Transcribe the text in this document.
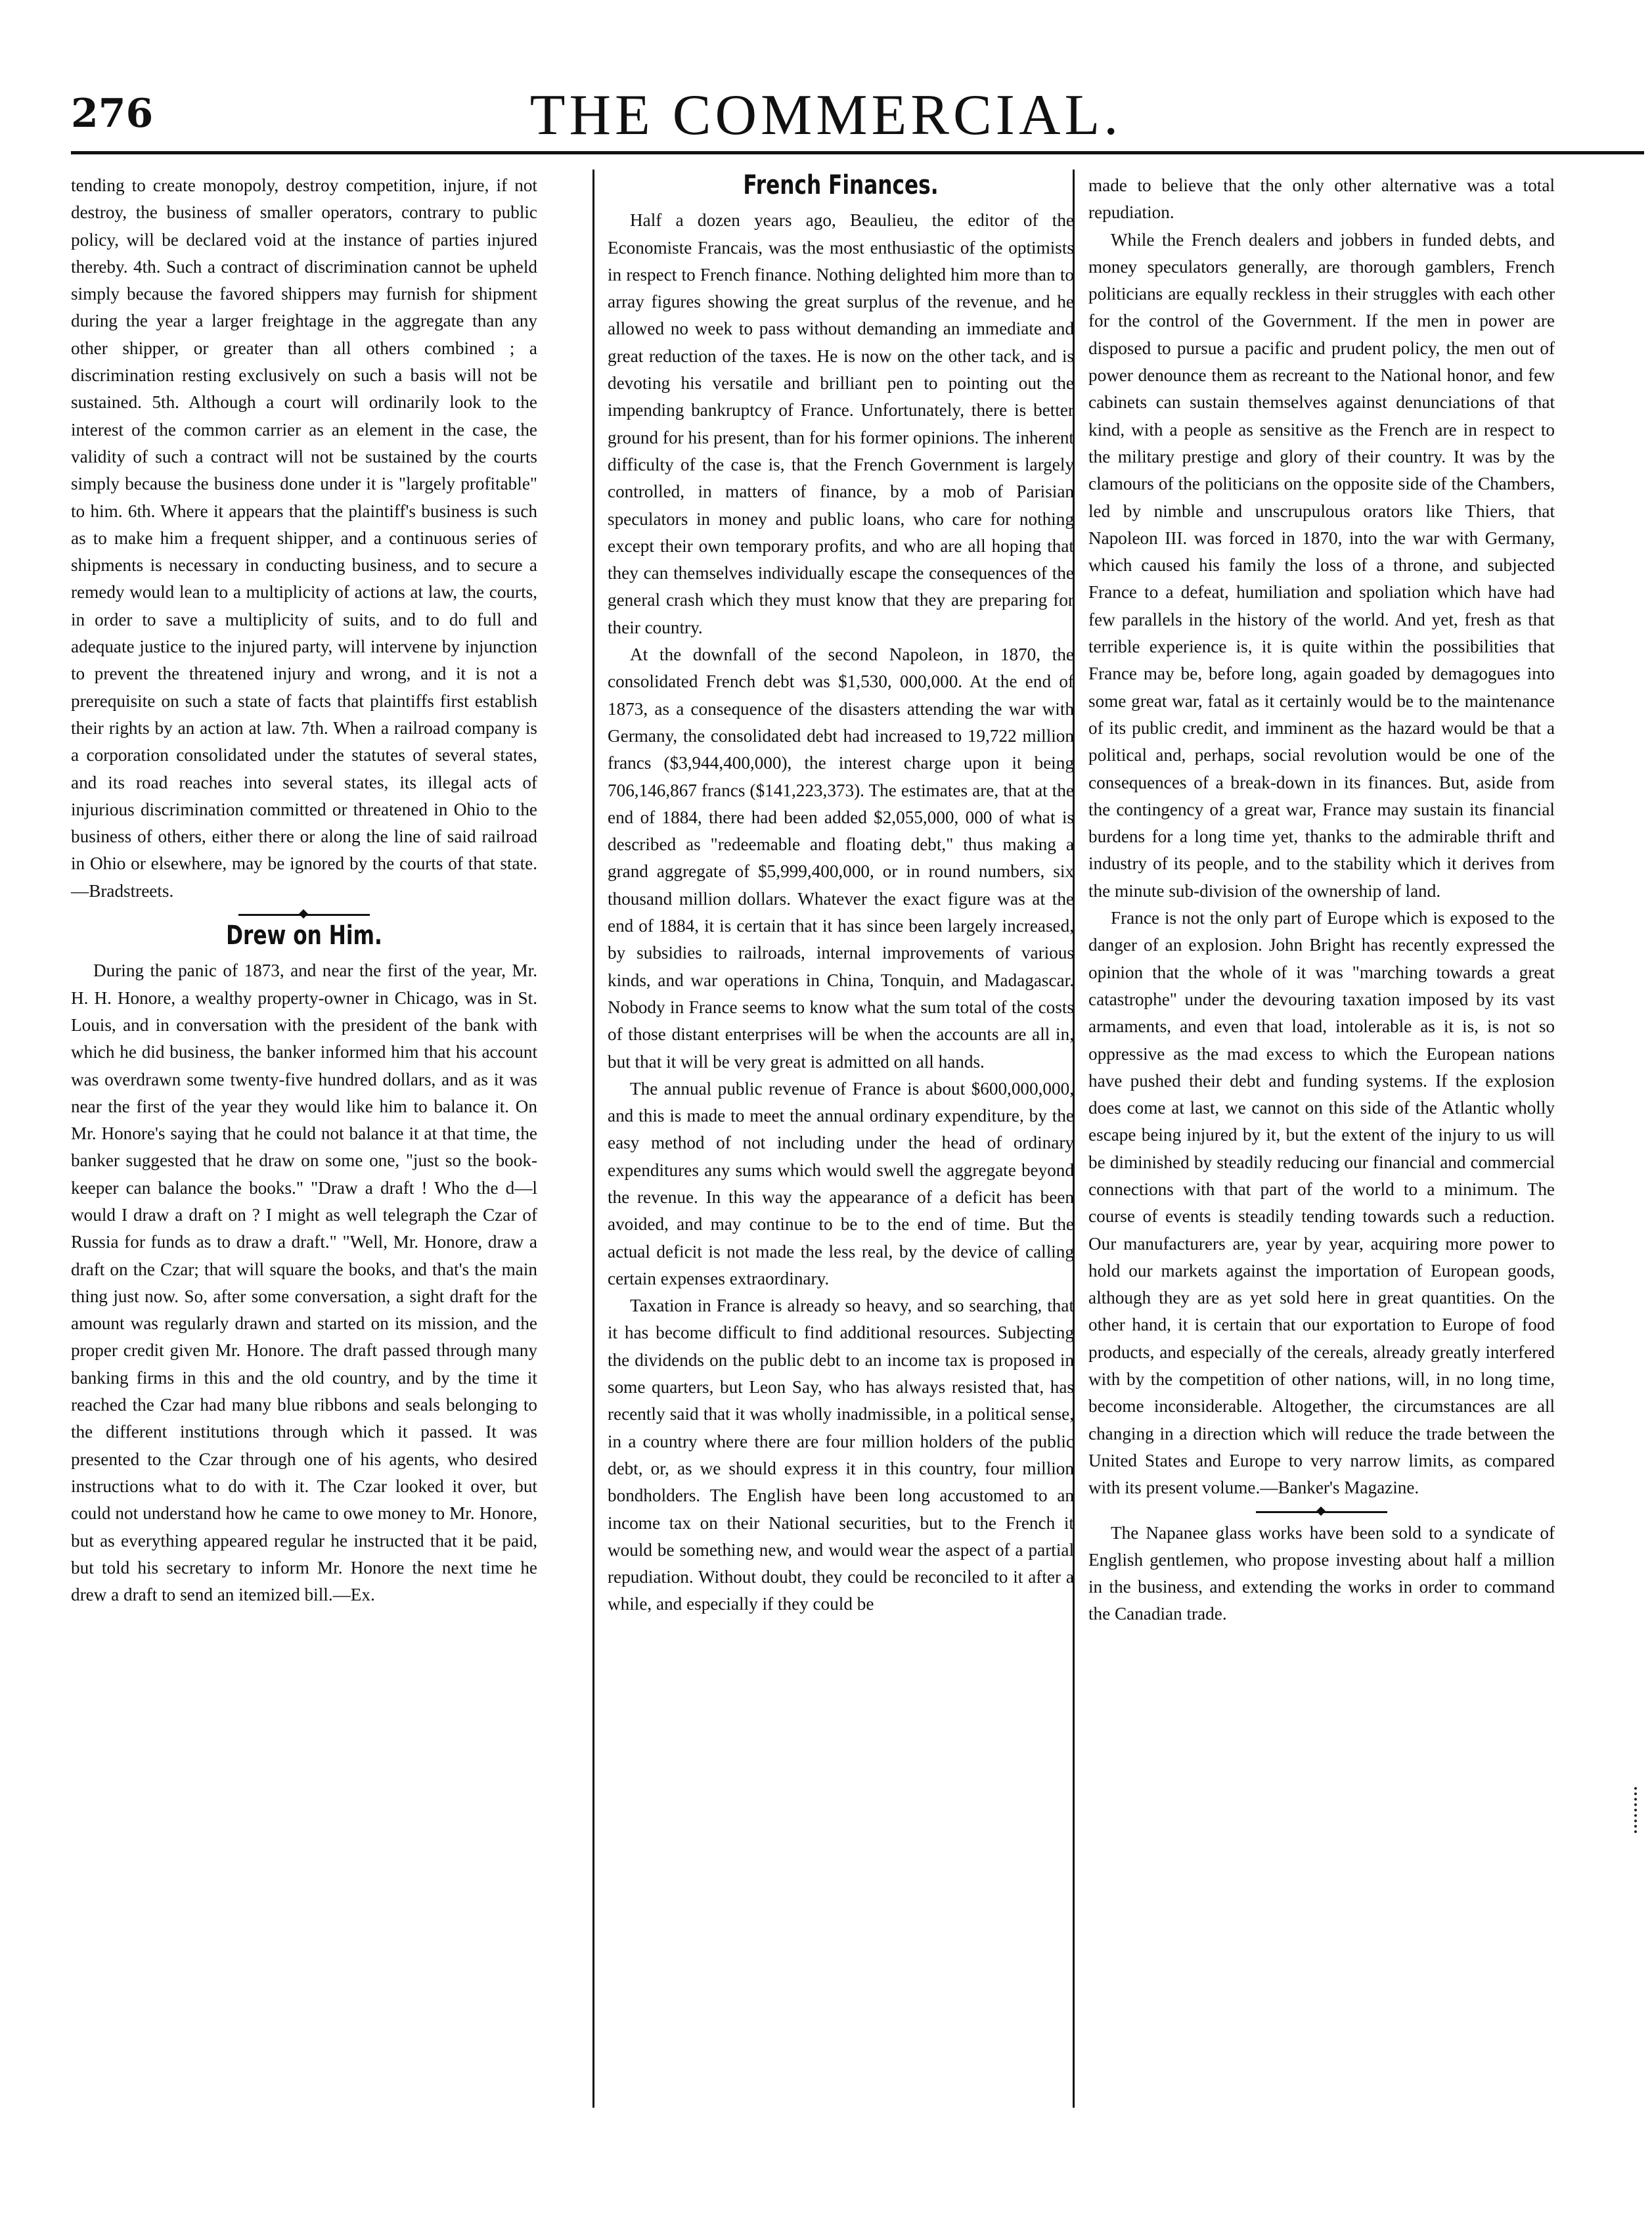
276	THE COMMERCIAL.

tending to create monopoly, destroy competition, injure, if not destroy, the business of smaller operators, contrary to public policy, will be declared void at the instance of parties injured thereby. 4th. Such a contract of discrimination cannot be upheld simply because the favored shippers may furnish for shipment during the year a larger freightage in the aggregate than any other shipper, or greater than all others combined ; a discrimination resting exclusively on such a basis will not be sustained. 5th. Although a court will ordinarily look to the interest of the common carrier as an element in the case, the validity of such a contract will not be sustained by the courts simply because the business done under it is "largely profitable" to him. 6th. Where it appears that the plaintiff's business is such as to make him a frequent shipper, and a continuous series of shipments is necessary in conducting business, and to secure a remedy would lean to a multiplicity of actions at law, the courts, in order to save a multiplicity of suits, and to do full and adequate justice to the injured party, will intervene by injunction to prevent the threatened injury and wrong, and it is not a prerequisite on such a state of facts that plaintiffs first establish their rights by an action at law. 7th. When a railroad company is a corporation consolidated under the statutes of several states, and its road reaches into several states, its illegal acts of injurious discrimination committed or threatened in Ohio to the business of others, either there or along the line of said railroad in Ohio or elsewhere, may be ignored by the courts of that state.—Bradstreets.

Drew on Him.

During the panic of 1873, and near the first of the year, Mr. H. H. Honore, a wealthy property-owner in Chicago, was in St. Louis, and in conversation with the president of the bank with which he did business, the banker informed him that his account was overdrawn some twenty-five hundred dollars, and as it was near the first of the year they would like him to balance it. On Mr. Honore's saying that he could not balance it at that time, the banker suggested that he draw on some one, "just so the book-keeper can balance the books." "Draw a draft ! Who the d—l would I draw a draft on ? I might as well telegraph the Czar of Russia for funds as to draw a draft." "Well, Mr. Honore, draw a draft on the Czar; that will square the books, and that's the main thing just now. So, after some conversation, a sight draft for the amount was regularly drawn and started on its mission, and the proper credit given Mr. Honore. The draft passed through many banking firms in this and the old country, and by the time it reached the Czar had many blue ribbons and seals belonging to the different institutions through which it passed. It was presented to the Czar through one of his agents, who desired instructions what to do with it. The Czar looked it over, but could not understand how he came to owe money to Mr. Honore, but as everything appeared regular he instructed that it be paid, but told his secretary to inform Mr. Honore the next time he drew a draft to send an itemized bill.—Ex.

French Finances.

Half a dozen years ago, Beaulieu, the editor of the Economiste Francais, was the most enthusiastic of the optimists in respect to French finance. Nothing delighted him more than to array figures showing the great surplus of the revenue, and he allowed no week to pass without demanding an immediate and great reduction of the taxes. He is now on the other tack, and is devoting his versatile and brilliant pen to pointing out the impending bankruptcy of France. Unfortunately, there is better ground for his present, than for his former opinions. The inherent difficulty of the case is, that the French Government is largely controlled, in matters of finance, by a mob of Parisian speculators in money and public loans, who care for nothing except their own temporary profits, and who are all hoping that they can themselves individually escape the consequences of the general crash which they must know that they are preparing for their country.

At the downfall of the second Napoleon, in 1870, the consolidated French debt was $1,530, 000,000. At the end of 1873, as a consequence of the disasters attending the war with Germany, the consolidated debt had increased to 19,722 million francs ($3,944,400,000), the interest charge upon it being 706,146,867 francs ($141,223,373). The estimates are, that at the end of 1884, there had been added $2,055,000, 000 of what is described as "redeemable and floating debt," thus making a grand aggregate of $5,999,400,000, or in round numbers, six thousand million dollars. Whatever the exact figure was at the end of 1884, it is certain that it has since been largely increased, by subsidies to railroads, internal improvements of various kinds, and war operations in China, Tonquin, and Madagascar. Nobody in France seems to know what the sum total of the costs of those distant enterprises will be when the accounts are all in, but that it will be very great is admitted on all hands.

The annual public revenue of France is about $600,000,000, and this is made to meet the annual ordinary expenditure, by the easy method of not including under the head of ordinary expenditures any sums which would swell the aggregate beyond the revenue. In this way the appearance of a deficit has been avoided, and may continue to be to the end of time. But the actual deficit is not made the less real, by the device of calling certain expenses extraordinary.

Taxation in France is already so heavy, and so searching, that it has become difficult to find additional resources. Subjecting the dividends on the public debt to an income tax is proposed in some quarters, but Leon Say, who has always resisted that, has recently said that it was wholly inadmissible, in a political sense, in a country where there are four million holders of the public debt, or, as we should express it in this country, four million bondholders. The English have been long accustomed to an income tax on their National securities, but to the French it would be something new, and would wear the aspect of a partial repudiation. Without doubt, they could be reconciled to it after a while, and especially if they could be

made to believe that the only other alternative was a total repudiation.

While the French dealers and jobbers in funded debts, and money speculators generally, are thorough gamblers, French politicians are equally reckless in their struggles with each other for the control of the Government. If the men in power are disposed to pursue a pacific and prudent policy, the men out of power denounce them as recreant to the National honor, and few cabinets can sustain themselves against denunciations of that kind, with a people as sensitive as the French are in respect to the military prestige and glory of their country. It was by the clamours of the politicians on the opposite side of the Chambers, led by nimble and unscrupulous orators like Thiers, that Napoleon III. was forced in 1870, into the war with Germany, which caused his family the loss of a throne, and subjected France to a defeat, humiliation and spoliation which have had few parallels in the history of the world. And yet, fresh as that terrible experience is, it is quite within the possibilities that France may be, before long, again goaded by demagogues into some great war, fatal as it certainly would be to the maintenance of its public credit, and imminent as the hazard would be that a political and, perhaps, social revolution would be one of the consequences of a break-down in its finances. But, aside from the contingency of a great war, France may sustain its financial burdens for a long time yet, thanks to the admirable thrift and industry of its people, and to the stability which it derives from the minute sub-division of the ownership of land.

France is not the only part of Europe which is exposed to the danger of an explosion. John Bright has recently expressed the opinion that the whole of it was "marching towards a great catastrophe" under the devouring taxation imposed by its vast armaments, and even that load, intolerable as it is, is not so oppressive as the mad excess to which the European nations have pushed their debt and funding systems. If the explosion does come at last, we cannot on this side of the Atlantic wholly escape being injured by it, but the extent of the injury to us will be diminished by steadily reducing our financial and commercial connections with that part of the world to a minimum. The course of events is steadily tending towards such a reduction. Our manufacturers are, year by year, acquiring more power to hold our markets against the importation of European goods, although they are as yet sold here in great quantities. On the other hand, it is certain that our exportation to Europe of food products, and especially of the cereals, already greatly interfered with by the competition of other nations, will, in no long time, become inconsiderable. Altogether, the circumstances are all changing in a direction which will reduce the trade between the United States and Europe to very narrow limits, as compared with its present volume.—Banker's Magazine.

The Napanee glass works have been sold to a syndicate of English gentlemen, who propose investing about half a million in the business, and extending the works in order to command the Canadian trade.
